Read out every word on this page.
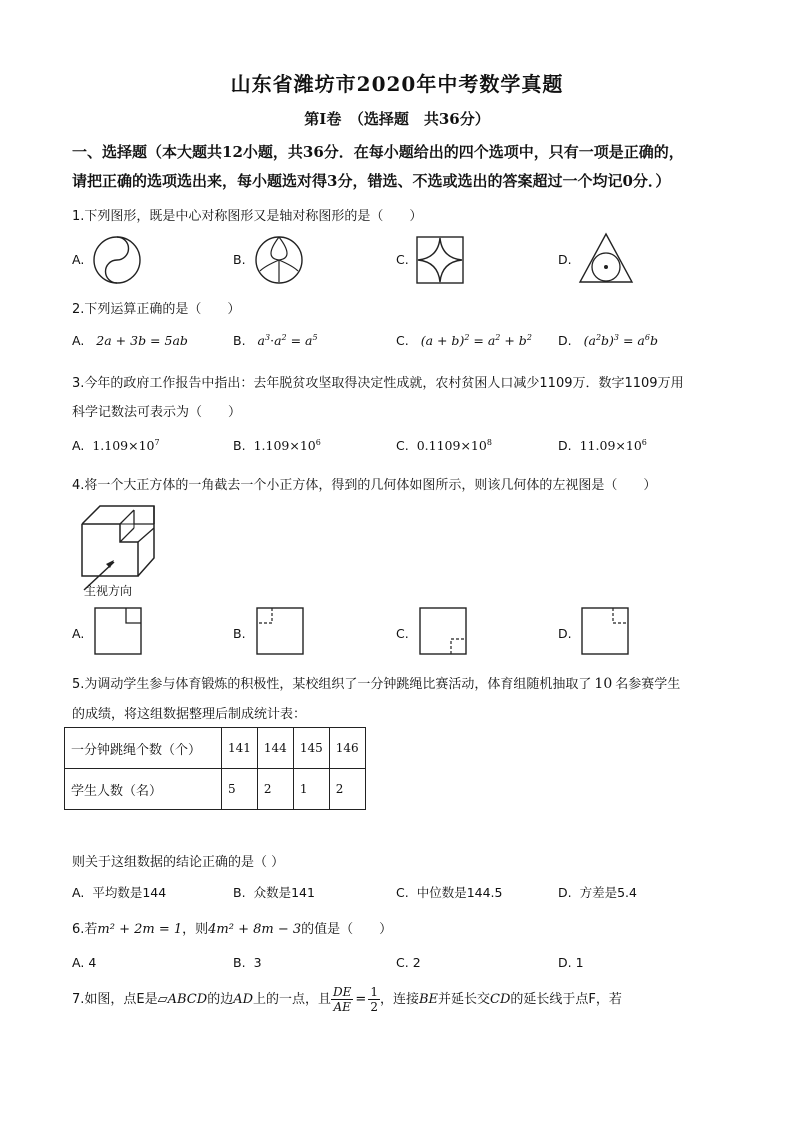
山东省潍坊市2020年中考数学真题
第Ⅰ卷　（选择题　共36分）
一、选择题（本大题共12小题，共36分．在每小题给出的四个选项中，只有一项是正确的，
请把正确的选项选出来，每小题选对得3分，错选、不选或选出的答案超过一个均记0分．）
1.下列图形，既是中心对称图形又是轴对称图形的是（　　）
A.	B.	C.	D.
2.下列运算正确的是（　　）
A. 2a + 3b = 5ab	B. $a^3\cdot a^2 = a^5$	C. $(a + b)^2 = a^2 + b^2$ D. $(a^2b)^3 = a^6b$
3.今年的政府工作报告中指出：去年脱贫攻坚取得决定性成就，农村贫困人口减少1109万．数字1109万用
科学记数法可表示为（　　）
A. $1.109\times 10^7$	B. $1.109\times 10^6$	C. $0.1109\times 10^8$	D. $11.09\times 10^6$
4.将一个大正方体的一角截去一个小正方体，得到的几何体如图所示，则该几何体的左视图是（　　）
主视方向
A.	B.	C.	D.
5.为调动学生参与体育锻炼的积极性，某校组织了一分钟跳绳比赛活动，体育组随机抽取了 10 名参赛学生
的成绩，将这组数据整理后制成统计表：
一分钟跳绳个数（个）	141	144	145	146
学生人数（名）	5	2	1	2
则关于这组数据的结论正确的是（ ）
A. 平均数是144	B. 众数是141	C. 中位数是144.5	D. 方差是5.4
6.若m² + 2m = 1，则4m² + 8m − 3的值是（　　）
A. 4	B. 3	C. 2	D. 1
7.如图，点E是▱ABCD的边AD上的一点，且 $\frac{DE}{AE} = \frac{1}{2}$ ，连接BE并延长交CD的延长线于点F，若
